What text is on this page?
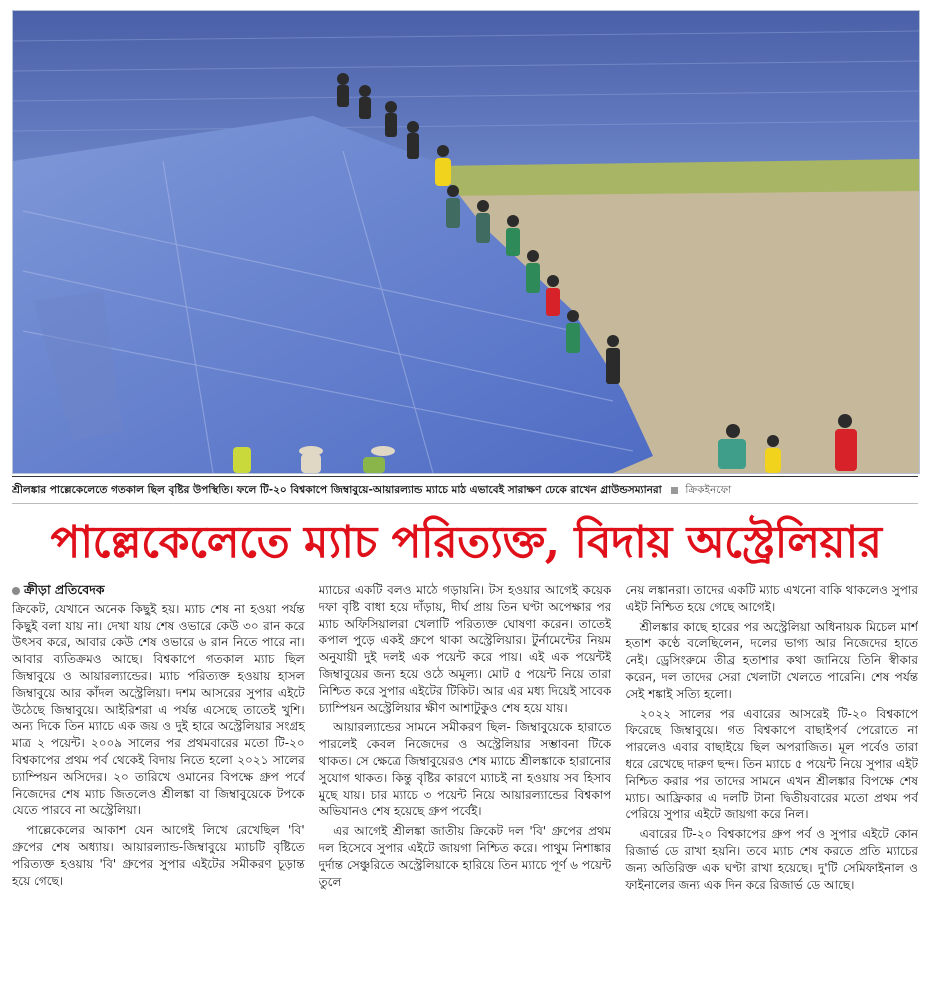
শ্রীলঙ্কার পাল্লেকেলেতে গতকাল ছিল বৃষ্টির উপস্থিতি। ফলে টি-২০ বিশ্বকাপে জিম্বাবুয়ে-আয়ারল্যান্ড ম্যাচে মাঠ এভাবেই সারাক্ষণ ঢেকে রাখেন গ্রাউন্ডসম্যানরা ক্রিকইনফো
পাল্লেকেলেতে ম্যাচ পরিত্যক্ত, বিদায় অস্ট্রেলিয়ার
ক্রীড়া প্রতিবেদক

ক্রিকেট, যেখানে অনেক কিছুই হয়। ম্যাচ শেষ না হওয়া পর্যন্ত কিছুই বলা যায় না। দেখা যায় শেষ ওভারে কেউ ৩০ রান করে উৎসব করে, আবার কেউ শেষ ওভারে ৬ রান নিতে পারে না। আবার ব্যতিক্রমও আছে। বিশ্বকাপে গতকাল ম্যাচ ছিল জিম্বাবুয়ে ও আয়ারল্যান্ডের। ম্যাচ পরিত্যক্ত হওয়ায় হাসল জিম্বাবুয়ে আর কাঁদল অস্ট্রেলিয়া। দশম আসরের সুপার এইটে উঠেছে জিম্বাবুয়ে। আইরিশরা এ পর্যন্ত এসেছে তাতেই খুশি। অন্য দিকে তিন ম্যাচে এক জয় ও দুই হারে অস্ট্রেলিয়ার সংগ্রহ মাত্র ২ পয়েন্ট। ২০০৯ সালের পর প্রথমবারের মতো টি-২০ বিশ্বকাপের প্রথম পর্ব থেকেই বিদায় নিতে হলো ২০২১ সালের চ্যাম্পিয়ন অসিদের। ২০ তারিখে ওমানের বিপক্ষে গ্রুপ পর্বে নিজেদের শেষ ম্যাচ জিতলেও শ্রীলঙ্কা বা জিম্বাবুয়েকে টপকে যেতে পারবে না অস্ট্রেলিয়া।

পাল্লেকেলের আকাশ যেন আগেই লিখে রেখেছিল 'বি' গ্রুপের শেষ অধ্যায়। আয়ারল্যান্ড-জিম্বাবুয়ে ম্যাচটি বৃষ্টিতে পরিত্যক্ত হওয়ায় 'বি' গ্রুপের সুপার এইটের সমীকরণ চূড়ান্ত হয়ে গেছে।

ম্যাচের একটি বলও মাঠে গড়ায়নি। টস হওয়ার আগেই কয়েক দফা বৃষ্টি বাধা হয়ে দাঁড়ায়, দীর্ঘ প্রায় তিন ঘণ্টা অপেক্ষার পর ম্যাচ অফিসিয়ালরা খেলাটি পরিত্যক্ত ঘোষণা করেন। তাতেই কপাল পুড়ে একই গ্রুপে থাকা অস্ট্রেলিয়ার। টুর্নামেন্টের নিয়ম অনুযায়ী দুই দলই এক পয়েন্ট করে পায়। এই এক পয়েন্টই জিম্বাবুয়ের জন্য হয়ে ওঠে অমূল্য। মোট ৫ পয়েন্ট নিয়ে তারা নিশ্চিত করে সুপার এইটের টিকিট। আর এর মধ্য দিয়েই সাবেক চ্যাম্পিয়ন অস্ট্রেলিয়ার ক্ষীণ আশাটুকুও শেষ হয়ে যায়।

আয়ারল্যান্ডের সামনে সমীকরণ ছিল- জিম্বাবুয়েকে হারাতে পারলেই কেবল নিজেদের ও অস্ট্রেলিয়ার সম্ভাবনা টিকে থাকত। সে ক্ষেত্রে জিম্বাবুয়েরও শেষ ম্যাচে শ্রীলঙ্কাকে হারানোর সুযোগ থাকত। কিন্তু বৃষ্টির কারণে ম্যাচই না হওয়ায় সব হিসাব মুছে যায়। চার ম্যাচে ৩ পয়েন্ট নিয়ে আয়ারল্যান্ডের বিশ্বকাপ অভিযানও শেষ হয়েছে গ্রুপ পর্বেই।

এর আগেই শ্রীলঙ্কা জাতীয় ক্রিকেট দল 'বি' গ্রুপের প্রথম দল হিসেবে সুপার এইটে জায়গা নিশ্চিত করে। পাথুম নিশাঙ্কার দুর্দান্ত সেঞ্চুরিতে অস্ট্রেলিয়াকে হারিয়ে তিন ম্যাচে পূর্ণ ৬ পয়েন্ট তুলে

নেয় লঙ্কানরা। তাদের একটি ম্যাচ এখনো বাকি থাকলেও সুপার এইট নিশ্চিত হয়ে গেছে আগেই।

শ্রীলঙ্কার কাছে হারের পর অস্ট্রেলিয়া অধিনায়ক মিচেল মার্শ হতাশ কণ্ঠে বলেছিলেন, দলের ভাগ্য আর নিজেদের হাতে নেই। ড্রেসিংরুমে তীব্র হতাশার কথা জানিয়ে তিনি স্বীকার করেন, দল তাদের সেরা খেলাটা খেলতে পারেনি। শেষ পর্যন্ত সেই শঙ্কাই সত্যি হলো।

২০২২ সালের পর এবারের আসরেই টি-২০ বিশ্বকাপে ফিরেছে জিম্বাবুয়ে। গত বিশ্বকাপে বাছাইপর্ব পেরোতে না পারলেও এবার বাছাইয়ে ছিল অপরাজিত। মূল পর্বেও তারা ধরে রেখেছে দারুণ ছন্দ। তিন ম্যাচে ৫ পয়েন্ট নিয়ে সুপার এইট নিশ্চিত করার পর তাদের সামনে এখন শ্রীলঙ্কার বিপক্ষে শেষ ম্যাচ। আফ্রিকার এ দলটি টানা দ্বিতীয়বারের মতো প্রথম পর্ব পেরিয়ে সুপার এইটে জায়গা করে নিল।

এবারের টি-২০ বিশ্বকাপের গ্রুপ পর্ব ও সুপার এইটে কোন রিজার্ভ ডে রাখা হয়নি। তবে ম্যাচ শেষ করতে প্রতি ম্যাচের জন্য অতিরিক্ত এক ঘণ্টা রাখা হয়েছে। দু'টি সেমিফাইনাল ও ফাইনালের জন্য এক দিন করে রিজার্ভ ডে আছে।
